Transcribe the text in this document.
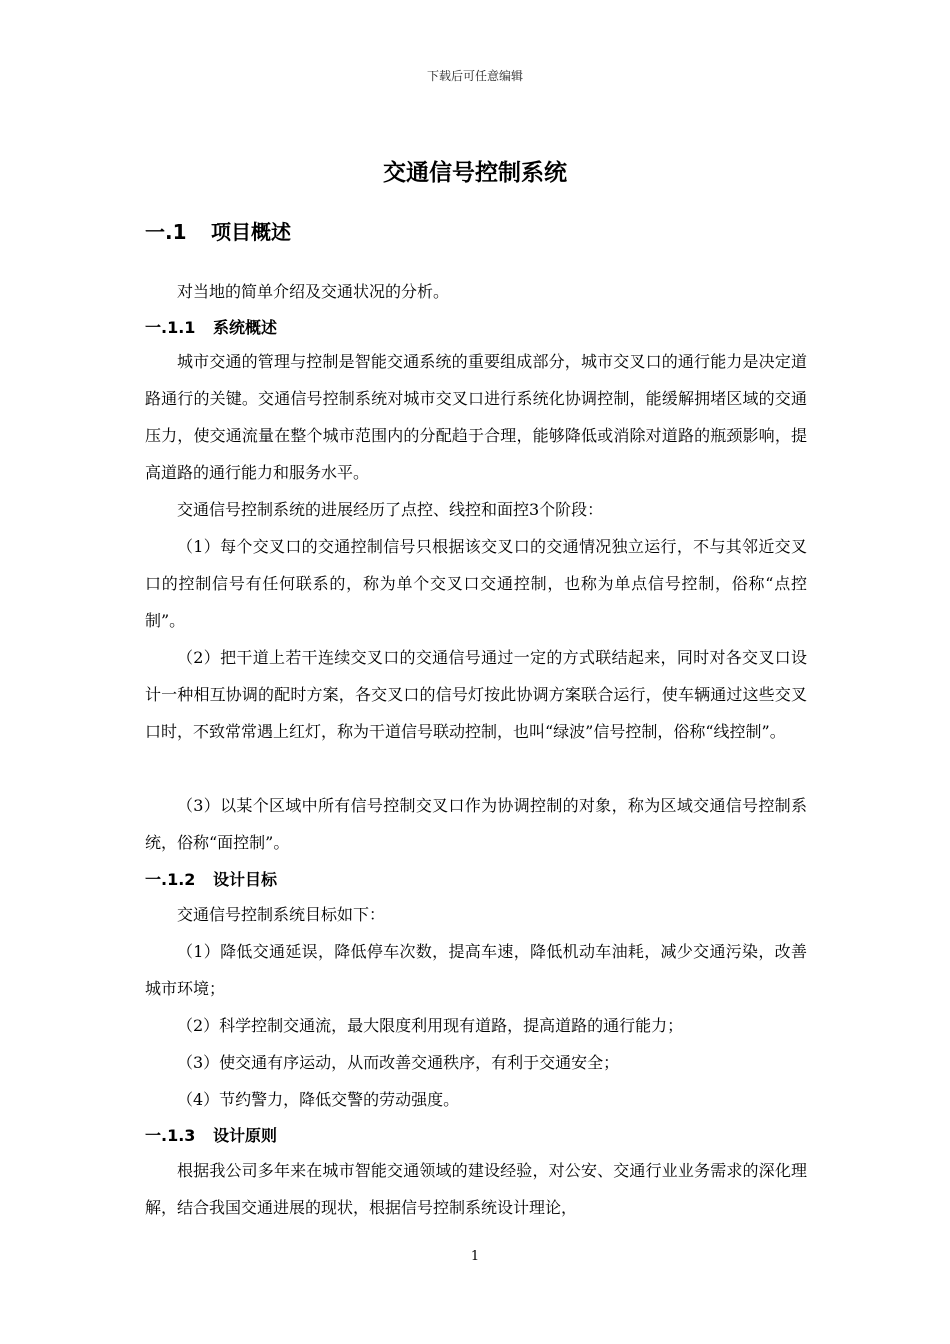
下载后可任意编辑
交通信号控制系统
一.1 项目概述

对当地的简单介绍及交通状况的分析。

一.1.1 系统概述

城市交通的管理与控制是智能交通系统的重要组成部分，城市交叉口的通行能力是决定道路通行的关键。交通信号控制系统对城市交叉口进行系统化协调控制，能缓解拥堵区域的交通压力，使交通流量在整个城市范围内的分配趋于合理，能够降低或消除对道路的瓶颈影响，提高道路的通行能力和服务水平。

交通信号控制系统的进展经历了点控、线控和面控3个阶段：

（1）每个交叉口的交通控制信号只根据该交叉口的交通情况独立运行，不与其邻近交叉口的控制信号有任何联系的，称为单个交叉口交通控制，也称为单点信号控制，俗称“点控制”。

（2）把干道上若干连续交叉口的交通信号通过一定的方式联结起来，同时对各交叉口设计一种相互协调的配时方案，各交叉口的信号灯按此协调方案联合运行，使车辆通过这些交叉口时，不致常常遇上红灯，称为干道信号联动控制，也叫“绿波”信号控制，俗称“线控制”。

（3）以某个区域中所有信号控制交叉口作为协调控制的对象，称为区域交通信号控制系统，俗称“面控制”。

一.1.2 设计目标

交通信号控制系统目标如下：

（1）降低交通延误，降低停车次数，提高车速，降低机动车油耗，减少交通污染，改善城市环境；

（2）科学控制交通流，最大限度利用现有道路，提高道路的通行能力；

（3）使交通有序运动，从而改善交通秩序，有利于交通安全；

（4）节约警力，降低交警的劳动强度。

一.1.3 设计原则

根据我公司多年来在城市智能交通领域的建设经验，对公安、交通行业业务需求的深化理解，结合我国交通进展的现状，根据信号控制系统设计理论，

1
